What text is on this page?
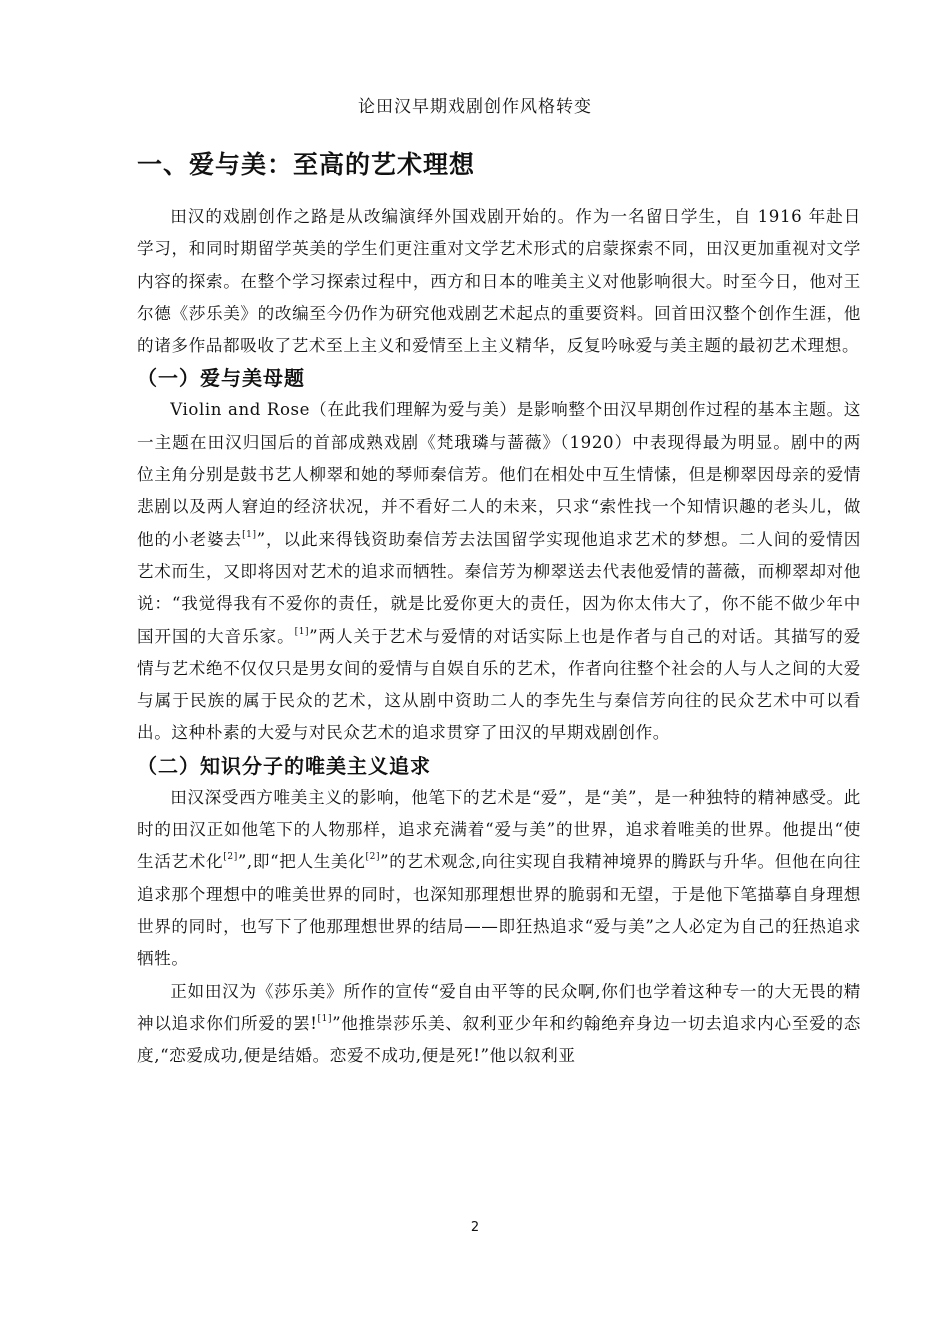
论田汉早期戏剧创作风格转变
一、爱与美：至高的艺术理想

田汉的戏剧创作之路是从改编演绎外国戏剧开始的。作为一名留日学生，自 1916 年赴日学习，和同时期留学英美的学生们更注重对文学艺术形式的启蒙探索不同，田汉更加重视对文学内容的探索。在整个学习探索过程中，西方和日本的唯美主义对他影响很大。时至今日，他对王尔德《莎乐美》的改编至今仍作为研究他戏剧艺术起点的重要资料。回首田汉整个创作生涯，他的诸多作品都吸收了艺术至上主义和爱情至上主义精华，反复吟咏爱与美主题的最初艺术理想。

（一）爱与美母题

Violin and Rose（在此我们理解为爱与美）是影响整个田汉早期创作过程的基本主题。这一主题在田汉归国后的首部成熟戏剧《梵珴璘与蔷薇》（1920）中表现得最为明显。剧中的两位主角分别是鼓书艺人柳翠和她的琴师秦信芳。他们在相处中互生情愫，但是柳翠因母亲的爱情悲剧以及两人窘迫的经济状况，并不看好二人的未来，只求“索性找一个知情识趣的老头儿，做他的小老婆去[1]”，以此来得钱资助秦信芳去法国留学实现他追求艺术的梦想。二人间的爱情因艺术而生，又即将因对艺术的追求而牺牲。秦信芳为柳翠送去代表他爱情的蔷薇，而柳翠却对他说：“我觉得我有不爱你的责任，就是比爱你更大的责任，因为你太伟大了，你不能不做少年中国开国的大音乐家。[1]”两人关于艺术与爱情的对话实际上也是作者与自己的对话。其描写的爱情与艺术绝不仅仅只是男女间的爱情与自娱自乐的艺术，作者向往整个社会的人与人之间的大爱与属于民族的属于民众的艺术，这从剧中资助二人的李先生与秦信芳向往的民众艺术中可以看出。这种朴素的大爱与对民众艺术的追求贯穿了田汉的早期戏剧创作。

（二）知识分子的唯美主义追求

田汉深受西方唯美主义的影响，他笔下的艺术是“爱”，是“美”，是一种独特的精神感受。此时的田汉正如他笔下的人物那样，追求充满着“爱与美”的世界，追求着唯美的世界。他提出“使生活艺术化[2]”,即“把人生美化[2]”的艺术观念,向往实现自我精神境界的腾跃与升华。但他在向往追求那个理想中的唯美世界的同时，也深知那理想世界的脆弱和无望，于是他下笔描摹自身理想世界的同时，也写下了他那理想世界的结局——即狂热追求“爱与美”之人必定为自己的狂热追求牺牲。

正如田汉为《莎乐美》所作的宣传“爱自由平等的民众啊,你们也学着这种专一的大无畏的精神以追求你们所爱的罢![1]”他推崇莎乐美、叙利亚少年和约翰绝弃身边一切去追求内心至爱的态度,“恋爱成功,便是结婚。恋爱不成功,便是死!”他以叙利亚

2
